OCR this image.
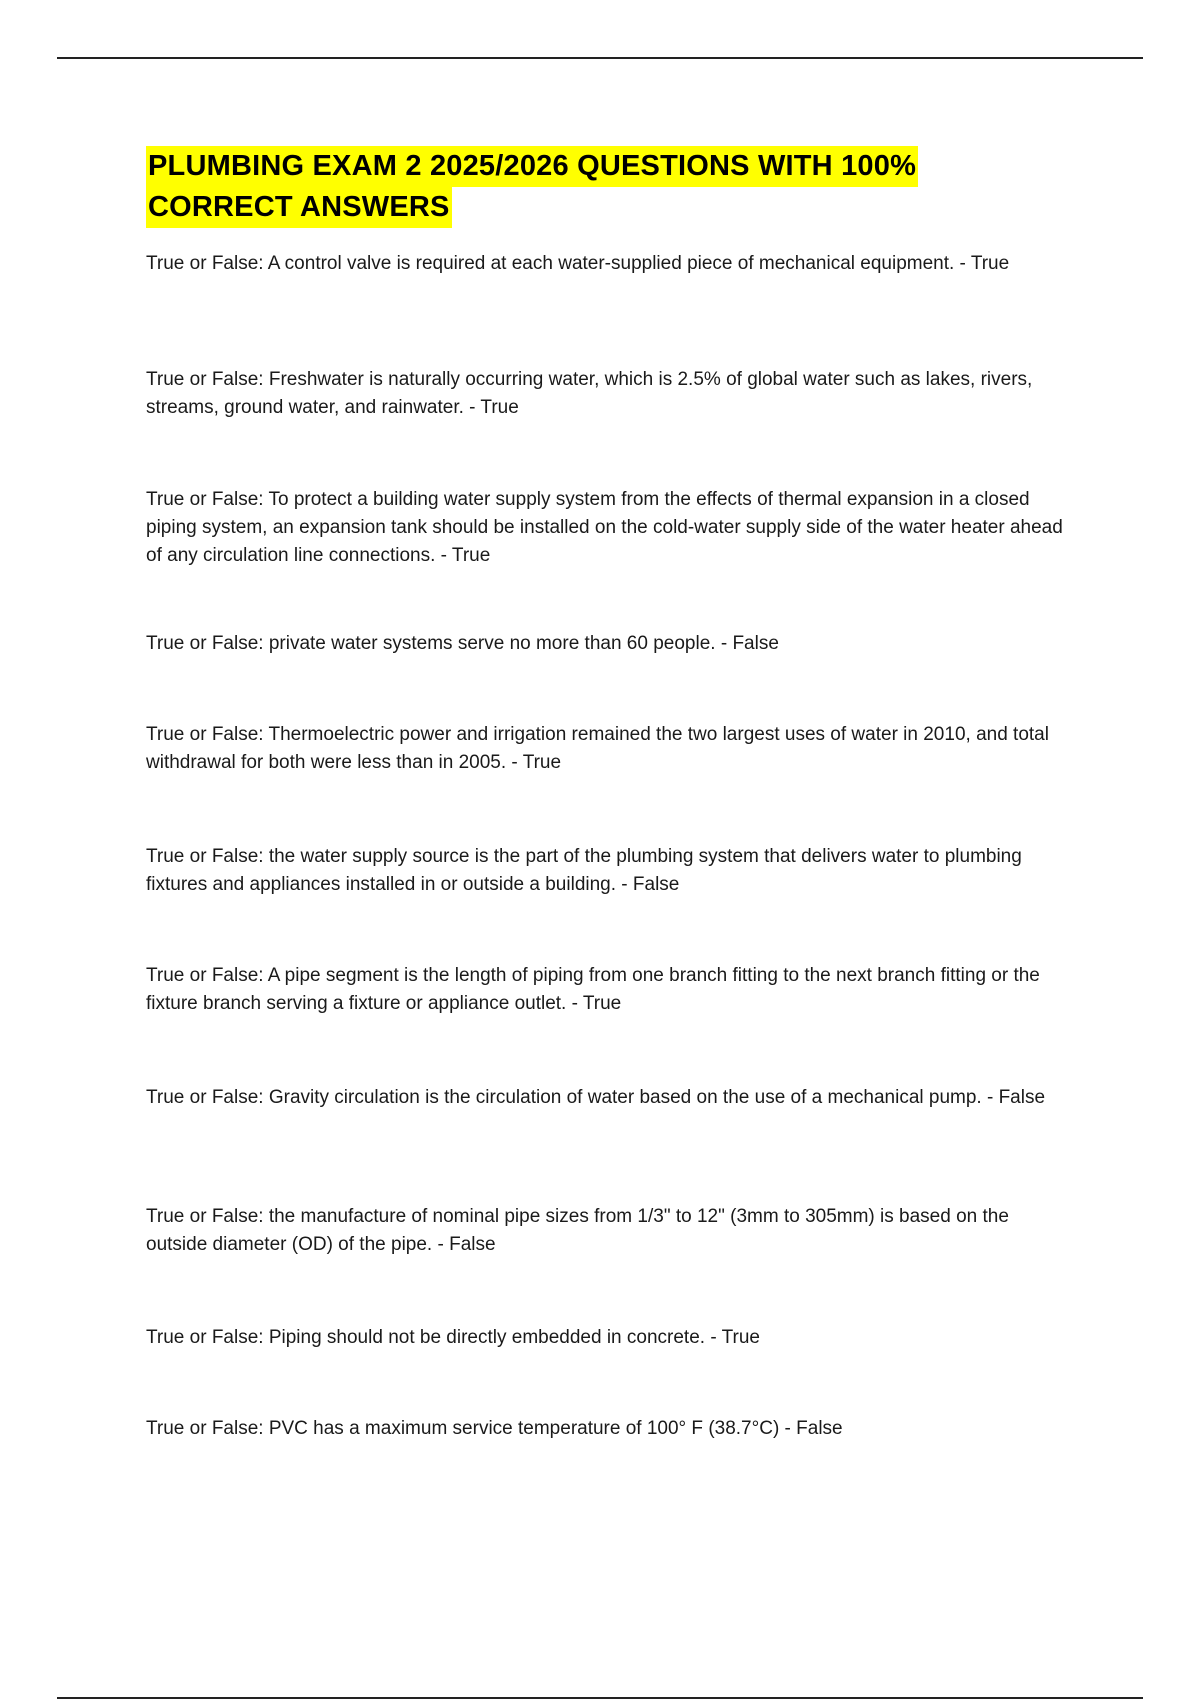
PLUMBING EXAM 2 2025/2026 QUESTIONS WITH 100%
CORRECT ANSWERS
True or False: A control valve is required at each water-supplied piece of mechanical equipment. - True
True or False: Freshwater is naturally occurring water, which is 2.5% of global water such as lakes, rivers, streams, ground water, and rainwater. - True
True or False: To protect a building water supply system from the effects of thermal expansion in a closed piping system, an expansion tank should be installed on the cold-water supply side of the water heater ahead of any circulation line connections. - True
True or False: private water systems serve no more than 60 people. - False
True or False: Thermoelectric power and irrigation remained the two largest uses of water in 2010, and total withdrawal for both were less than in 2005. - True
True or False: the water supply source is the part of the plumbing system that delivers water to plumbing fixtures and appliances installed in or outside a building. - False
True or False: A pipe segment is the length of piping from one branch fitting to the next branch fitting or the fixture branch serving a fixture or appliance outlet. - True
True or False: Gravity circulation is the circulation of water based on the use of a mechanical pump. - False
True or False: the manufacture of nominal pipe sizes from 1/3" to 12" (3mm to 305mm) is based on the outside diameter (OD) of the pipe. - False
True or False: Piping should not be directly embedded in concrete. - True
True or False: PVC has a maximum service temperature of 100° F (38.7°C) - False
